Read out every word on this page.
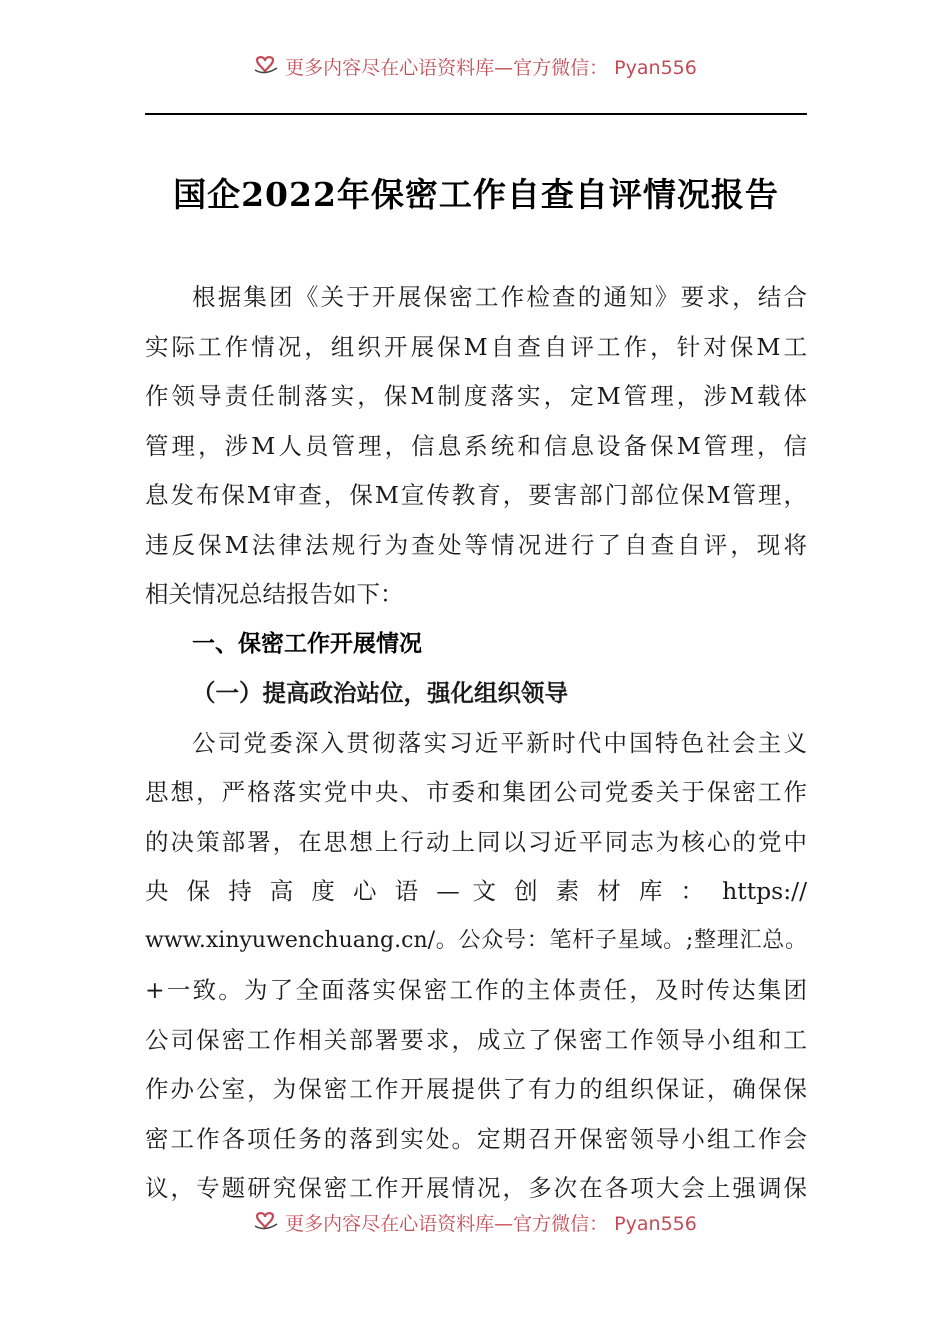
更多内容尽在心语资料库—官方微信： Pyan556
国企2022年保密工作自查自评情况报告
根据集团《关于开展保密工作检查的通知》要求，结合
实际工作情况，组织开展保M自查自评工作，针对保M工
作领导责任制落实，保M制度落实，定M管理，涉M载体
管理，涉M人员管理，信息系统和信息设备保M管理，信
息发布保M审查，保M宣传教育，要害部门部位保M管理，
违反保M法律法规行为查处等情况进行了自查自评，现将
相关情况总结报告如下：
一、保密工作开展情况
（一）提高政治站位，强化组织领导
公司党委深入贯彻落实习近平新时代中国特色社会主义
思想，严格落实党中央、市委和集团公司党委关于保密工作
的决策部署，在思想上行动上同以习近平同志为核心的党中
央 保 持 高 度 心 语 — 文 创 素 材 库 ： https://
www.xinyuwenchuang.cn/。公众号：笔杆子星域。;整理汇总。
+一致。为了全面落实保密工作的主体责任，及时传达集团
公司保密工作相关部署要求，成立了保密工作领导小组和工
作办公室，为保密工作开展提供了有力的组织保证，确保保
密工作各项任务的落到实处。定期召开保密领导小组工作会
议，专题研究保密工作开展情况，多次在各项大会上强调保
更多内容尽在心语资料库—官方微信： Pyan556
